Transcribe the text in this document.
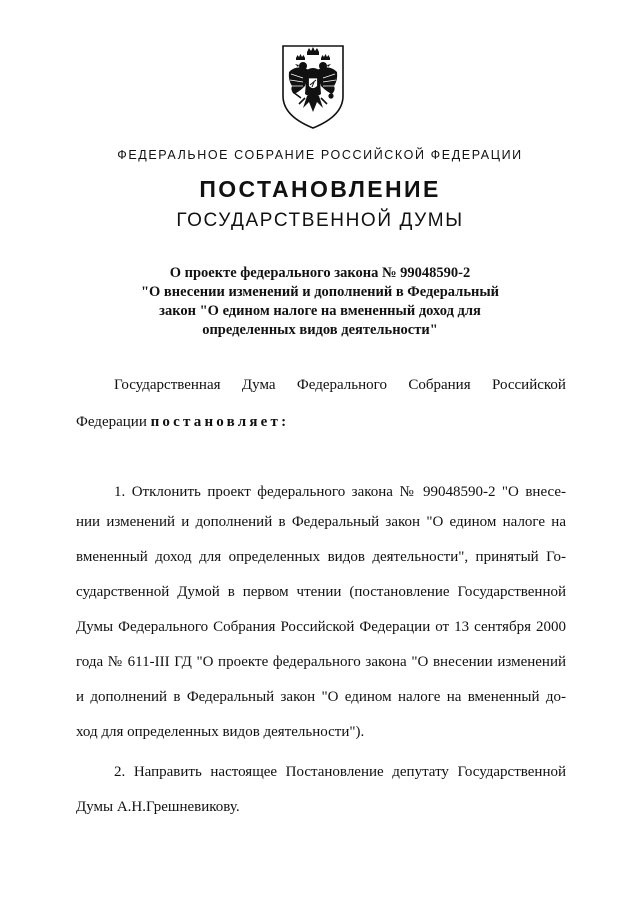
ФЕДЕРАЛЬНОЕ СОБРАНИЕ РОССИЙСКОЙ ФЕДЕРАЦИИ
ПОСТАНОВЛЕНИЕ
ГОСУДАРСТВЕННОЙ ДУМЫ
О проекте федерального закона № 99048590-2
"О внесении изменений и дополнений в Федеральный
закон "О едином налоге на вмененный доход для
определенных видов деятельности"
Государственная Дума Федерального Собрания Российской
Федерации постановляет:
1. Отклонить проект федерального закона № 99048590-2 "О внесе-
нии изменений и дополнений в Федеральный закон "О едином налоге на
вмененный доход для определенных видов деятельности", принятый Го-
сударственной Думой в первом чтении (постановление Государственной
Думы Федерального Собрания Российской Федерации от 13 сентября 2000
года № 611-III ГД "О проекте федерального закона "О внесении изменений
и дополнений в Федеральный закон "О едином налоге на вмененный до-
ход для определенных видов деятельности").
2. Направить настоящее Постановление депутату Государственной
Думы А.Н.Грешневикову.
